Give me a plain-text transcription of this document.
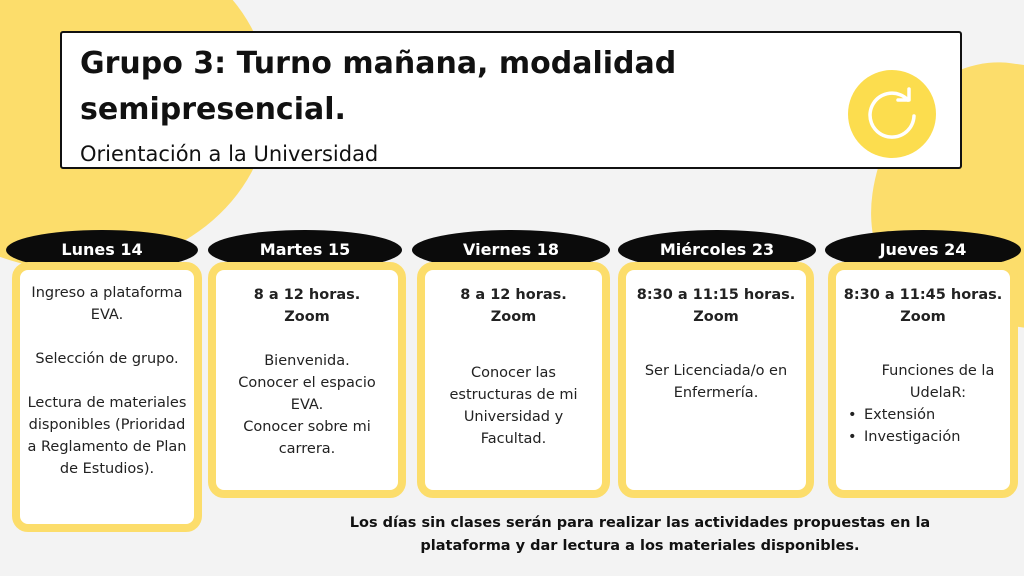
Grupo 3: Turno mañana, modalidad semipresencial.
Orientación a la Universidad
Lunes 14

Ingreso a plataforma EVA.

Selección de grupo.

Lectura de materiales disponibles (Prioridad a Reglamento de Plan de Estudios).

Martes 15

8 a 12 horas.

Zoom

Bienvenida.

Conocer el espacio EVA.

Conocer sobre mi carrera.

Viernes 18

8 a 12 horas.

Zoom

Conocer las estructuras de mi Universidad y Facultad.

Miércoles 23

8:30 a 11:15 horas.

Zoom

Ser Licenciada/o en Enfermería.

Jueves 24

8:30 a 11:45 horas.

Zoom

Funciones de la UdelaR:

• Extensión
• Investigación
Los días sin clases serán para realizar las actividades propuestas en la plataforma y dar lectura a los materiales disponibles.
